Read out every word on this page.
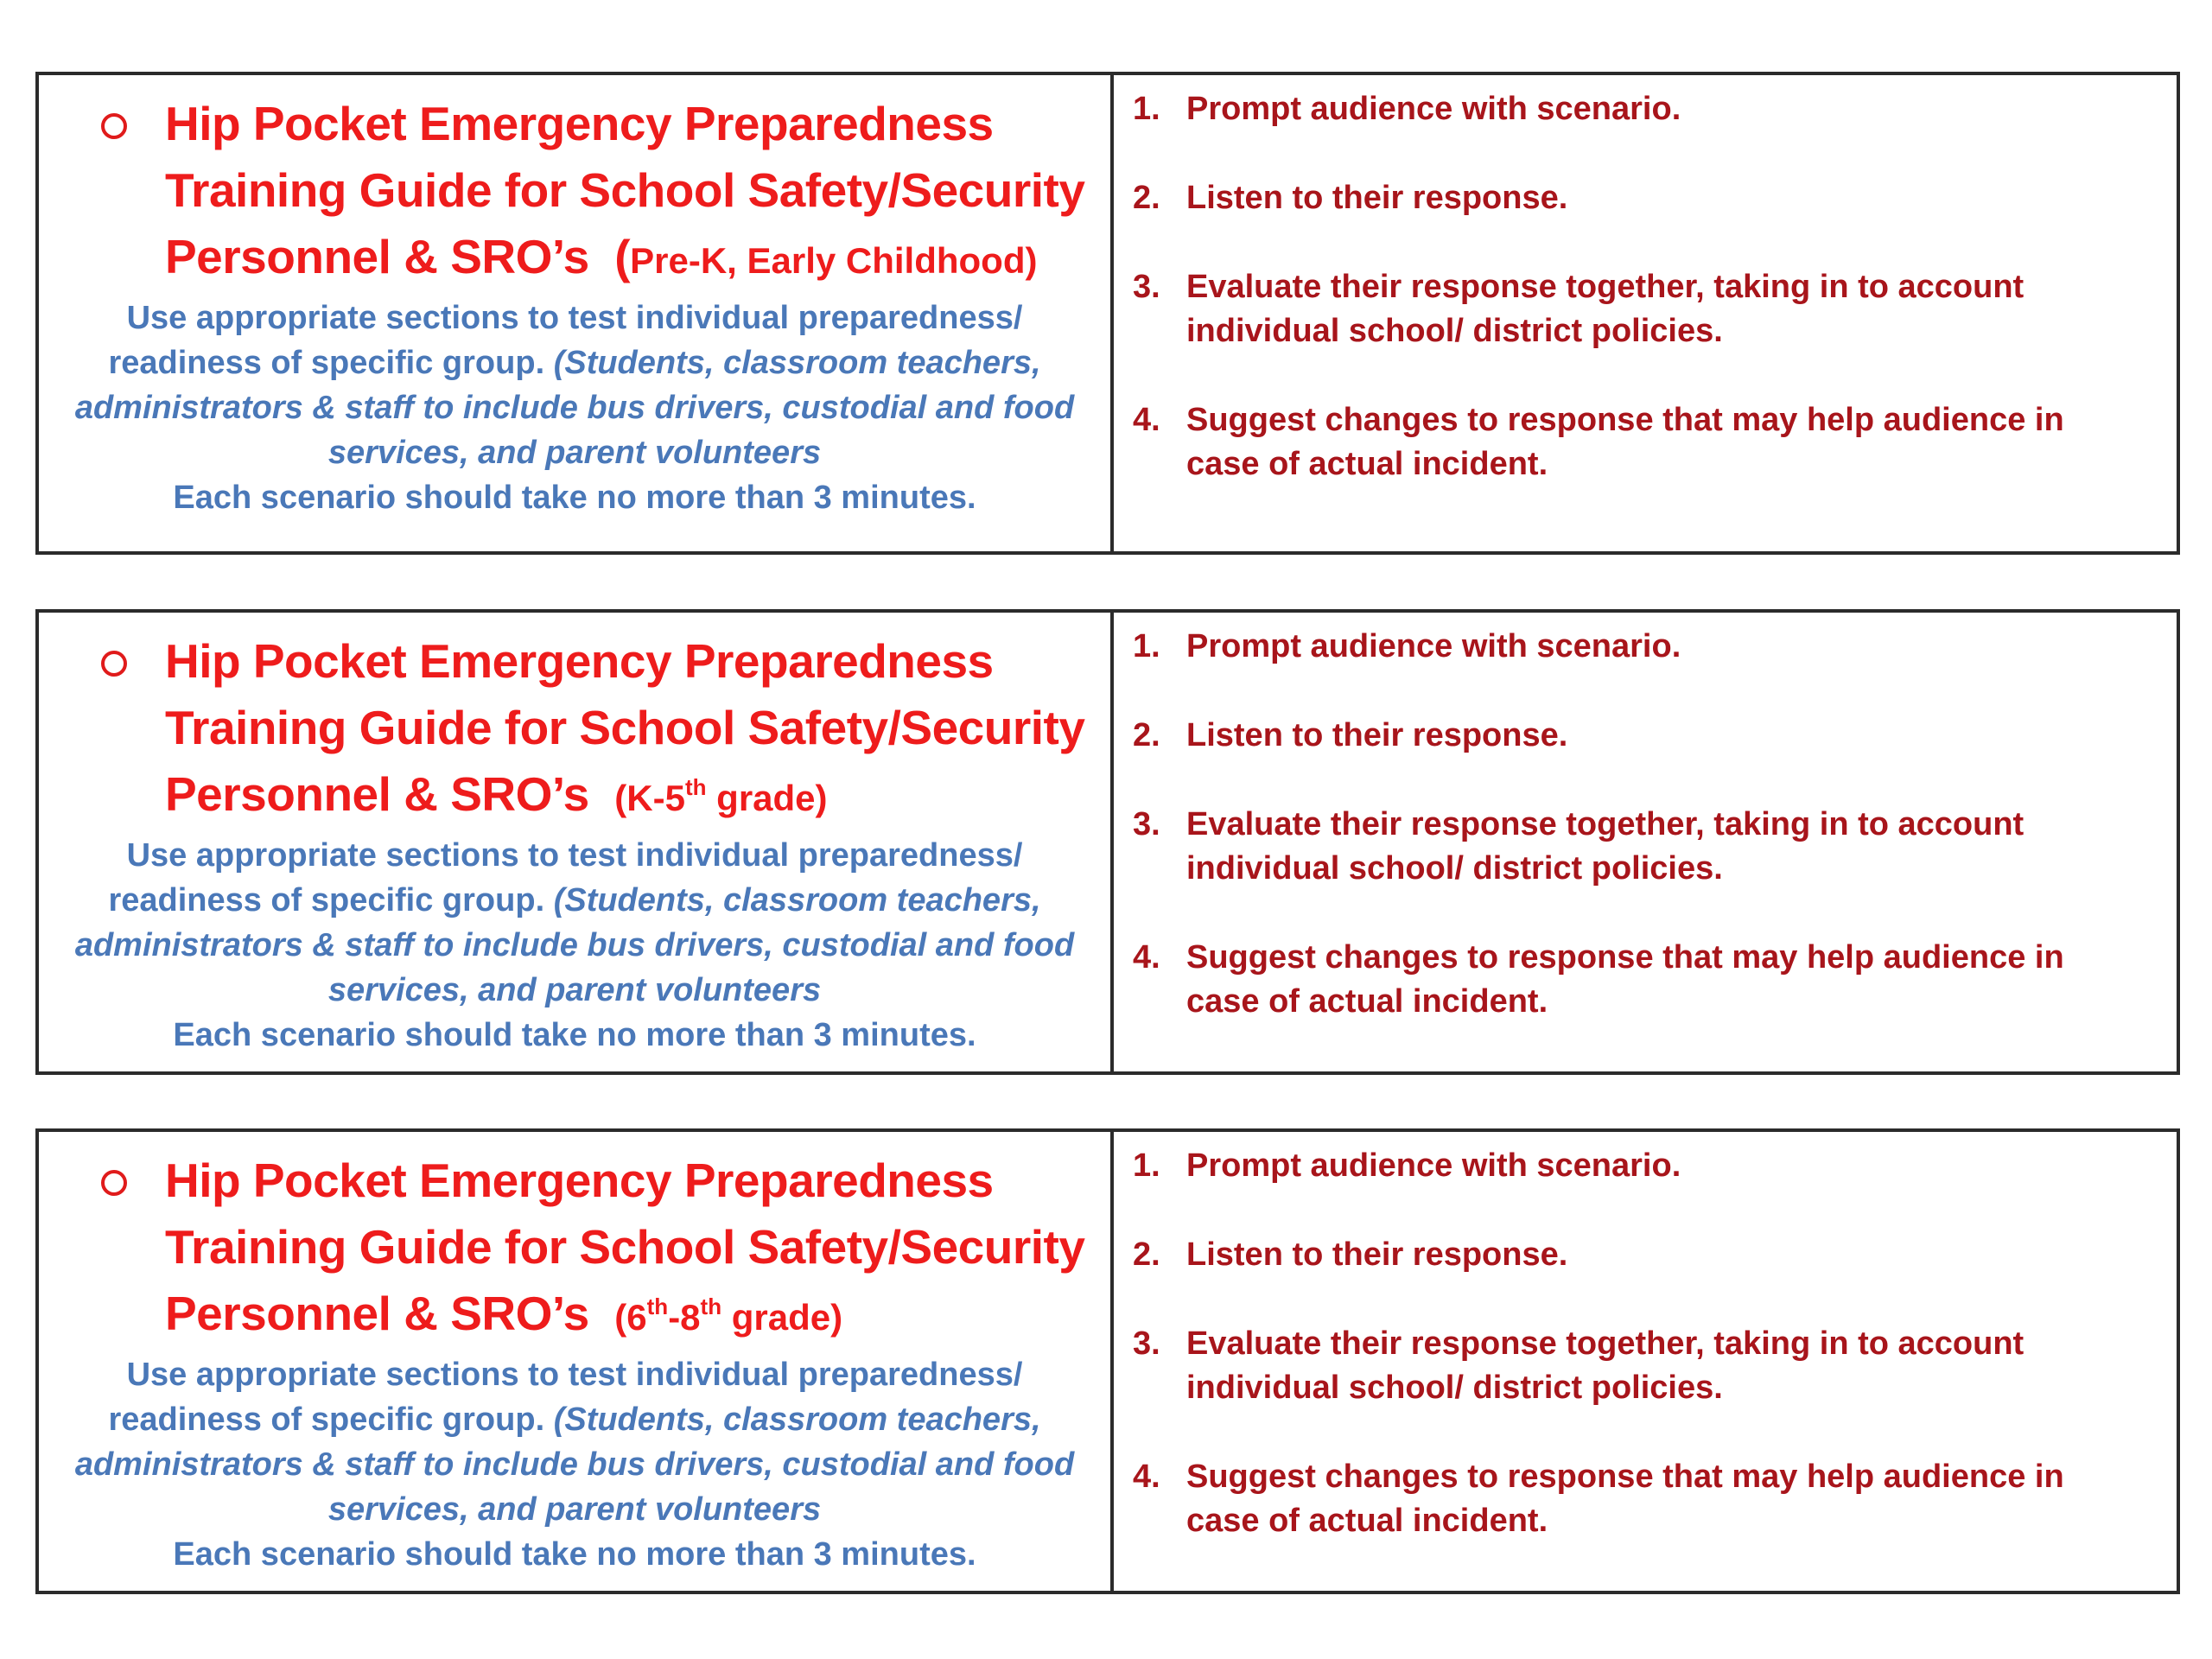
Hip Pocket Emergency Preparedness Training Guide for School Safety/Security Personnel & SRO’s (Pre-K, Early Childhood)
Use appropriate sections to test individual preparedness/
readiness of specific group. (Students, classroom teachers,
administrators & staff to include bus drivers, custodial and food
services, and parent volunteers
Each scenario should take no more than 3 minutes.
1. Prompt audience with scenario.
2. Listen to their response.
3. Evaluate their response together, taking in to account individual school/ district policies.
4. Suggest changes to response that may help audience in case of actual incident.
Hip Pocket Emergency Preparedness Training Guide for School Safety/Security Personnel & SRO’s (K-5th grade)
Use appropriate sections to test individual preparedness/
readiness of specific group. (Students, classroom teachers,
administrators & staff to include bus drivers, custodial and food
services, and parent volunteers
Each scenario should take no more than 3 minutes.
1. Prompt audience with scenario.
2. Listen to their response.
3. Evaluate their response together, taking in to account individual school/ district policies.
4. Suggest changes to response that may help audience in case of actual incident.
Hip Pocket Emergency Preparedness Training Guide for School Safety/Security Personnel & SRO’s (6th-8th grade)
Use appropriate sections to test individual preparedness/
readiness of specific group. (Students, classroom teachers,
administrators & staff to include bus drivers, custodial and food
services, and parent volunteers
Each scenario should take no more than 3 minutes.
1. Prompt audience with scenario.
2. Listen to their response.
3. Evaluate their response together, taking in to account individual school/ district policies.
4. Suggest changes to response that may help audience in case of actual incident.
